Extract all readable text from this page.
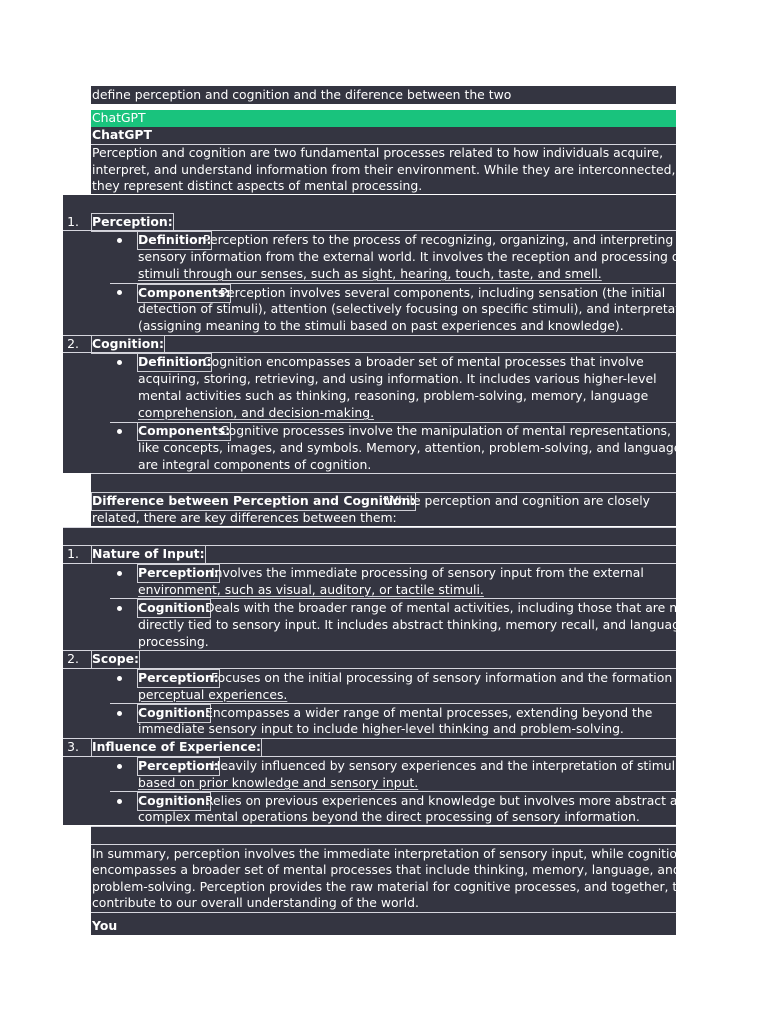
define perception and cognition and the diference between the two
ChatGPT
ChatGPT
Perception and cognition are two fundamental processes related to how individuals acquire,
interpret, and understand information from their environment. While they are interconnected,
they represent distinct aspects of mental processing.
1. Perception:
Definition:
Perception refers to the process of recognizing, organizing, and interpreting
sensory information from the external world. It involves the reception and processing of
stimuli through our senses, such as sight, hearing, touch, taste, and smell.
Components:
Perception involves several components, including sensation (the initial
detection of stimuli), attention (selectively focusing on specific stimuli), and interpretation
(assigning meaning to the stimuli based on past experiences and knowledge).
2. Cognition:
Definition:
Cognition encompasses a broader set of mental processes that involve
acquiring, storing, retrieving, and using information. It includes various higher-level
mental activities such as thinking, reasoning, problem-solving, memory, language
comprehension, and decision-making.
Components:
Cognitive processes involve the manipulation of mental representations,
like concepts, images, and symbols. Memory, attention, problem-solving, and language
are integral components of cognition.
Difference between Perception and Cognition:
While perception and cognition are closely
related, there are key differences between them:
1. Nature of Input:
Perception:
Involves the immediate processing of sensory input from the external
environment, such as visual, auditory, or tactile stimuli.
Cognition:
Deals with the broader range of mental activities, including those that are not
directly tied to sensory input. It includes abstract thinking, memory recall, and language
processing.
2. Scope:
Perception:
Focuses on the initial processing of sensory information and the formation of
perceptual experiences.
Cognition:
Encompasses a wider range of mental processes, extending beyond the
immediate sensory input to include higher-level thinking and problem-solving.
3. Influence of Experience:
Perception:
Heavily influenced by sensory experiences and the interpretation of stimuli
based on prior knowledge and sensory input.
Cognition:
Relies on previous experiences and knowledge but involves more abstract and
complex mental operations beyond the direct processing of sensory information.
In summary, perception involves the immediate interpretation of sensory input, while cognition
encompasses a broader set of mental processes that include thinking, memory, language, and
problem-solving. Perception provides the raw material for cognitive processes, and together, they
contribute to our overall understanding of the world.
You
